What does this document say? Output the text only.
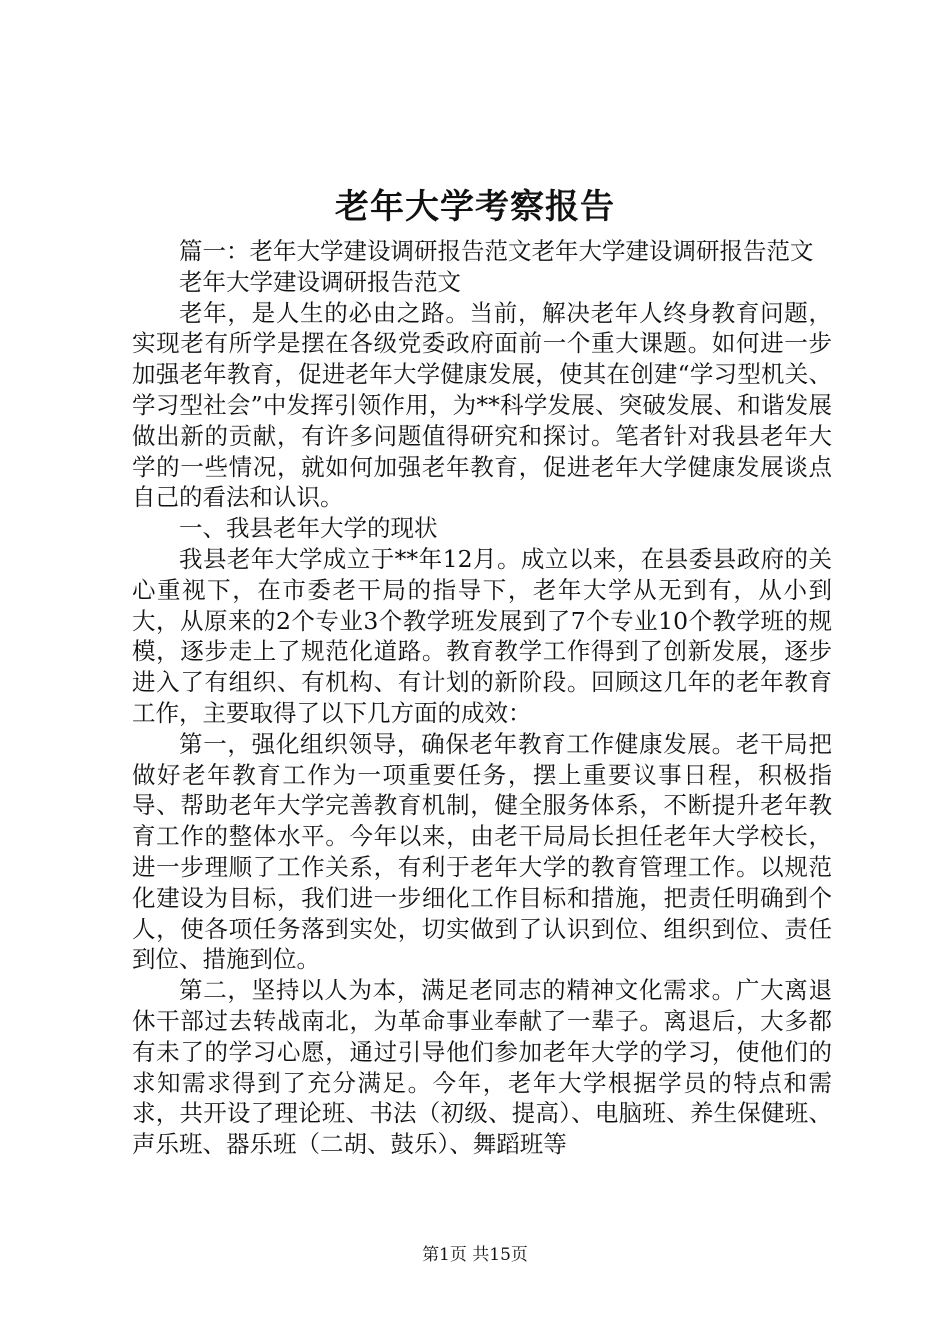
老年大学考察报告

篇一：老年大学建设调研报告范文老年大学建设调研报告范文

老年大学建设调研报告范文

老年，是人生的必由之路。当前，解决老年人终身教育问题，实现老有所学是摆在各级党委政府面前一个重大课题。如何进一步加强老年教育，促进老年大学健康发展，使其在创建“学习型机关、学习型社会”中发挥引领作用，为**科学发展、突破发展、和谐发展做出新的贡献，有许多问题值得研究和探讨。笔者针对我县老年大学的一些情况，就如何加强老年教育，促进老年大学健康发展谈点自己的看法和认识。

一、我县老年大学的现状

我县老年大学成立于**年12月。成立以来，在县委县政府的关心重视下，在市委老干局的指导下，老年大学从无到有，从小到大，从原来的2个专业3个教学班发展到了7个专业10个教学班的规模，逐步走上了规范化道路。教育教学工作得到了创新发展，逐步进入了有组织、有机构、有计划的新阶段。回顾这几年的老年教育工作，主要取得了以下几方面的成效：

第一，强化组织领导，确保老年教育工作健康发展。老干局把做好老年教育工作为一项重要任务，摆上重要议事日程，积极指导、帮助老年大学完善教育机制，健全服务体系，不断提升老年教育工作的整体水平。今年以来，由老干局局长担任老年大学校长，进一步理顺了工作关系，有利于老年大学的教育管理工作。以规范化建设为目标，我们进一步细化工作目标和措施，把责任明确到个人，使各项任务落到实处，切实做到了认识到位、组织到位、责任到位、措施到位。

第二，坚持以人为本，满足老同志的精神文化需求。广大离退休干部过去转战南北，为革命事业奉献了一辈子。离退后，大多都有未了的学习心愿，通过引导他们参加老年大学的学习，使他们的求知需求得到了充分满足。今年，老年大学根据学员的特点和需求，共开设了理论班、书法（初级、提高）、电脑班、养生保健班、声乐班、器乐班（二胡、鼓乐）、舞蹈班等

第1页 共15页
